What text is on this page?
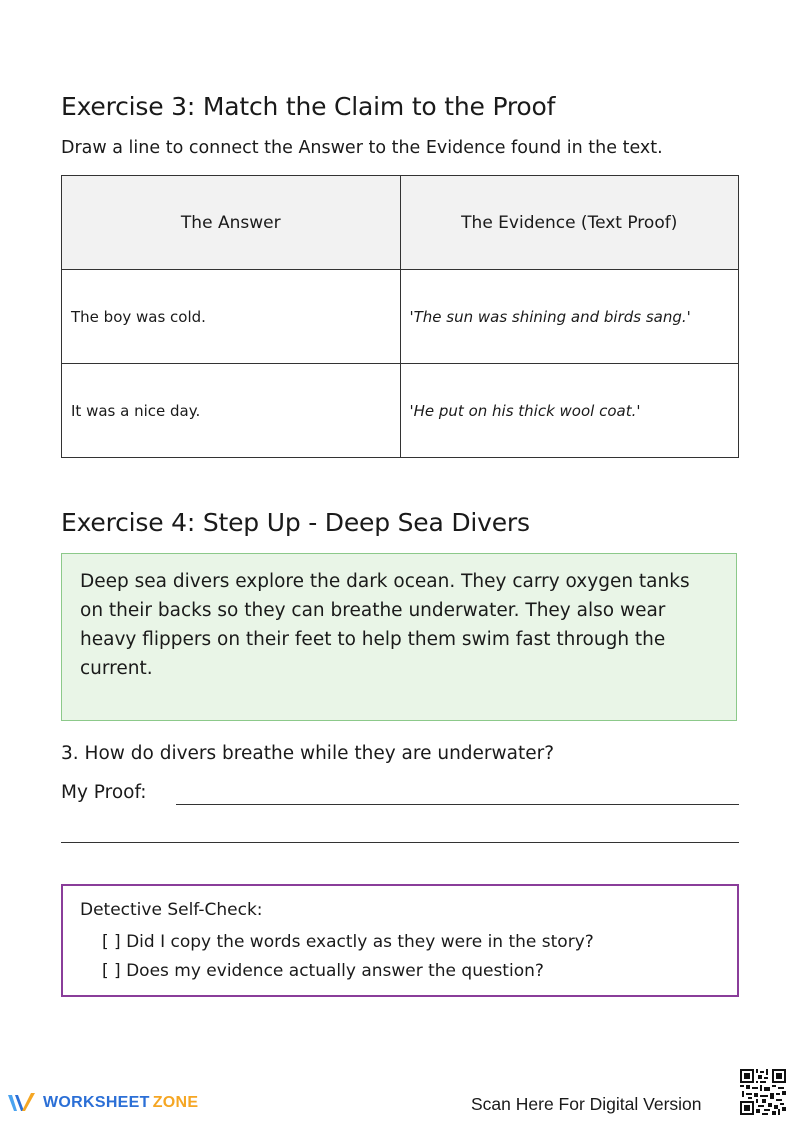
Exercise 3: Match the Claim to the Proof

Draw a line to connect the Answer to the Evidence found in the text.

The Answer	The Evidence (Text Proof)
The boy was cold.	'The sun was shining and birds sang.'
It was a nice day.	'He put on his thick wool coat.'
Exercise 4: Step Up - Deep Sea Divers
Deep sea divers explore the dark ocean. They carry oxygen tanks on their backs so they can breathe underwater. They also wear heavy flippers on their feet to help them swim fast through the current.

3. How do divers breathe while they are underwater?

My Proof:
Detective Self-Check:
[ ] Did I copy the words exactly as they were in the story?
[ ] Does my evidence actually answer the question?
WORKSHEET ZONE	Scan Here For Digital Version
